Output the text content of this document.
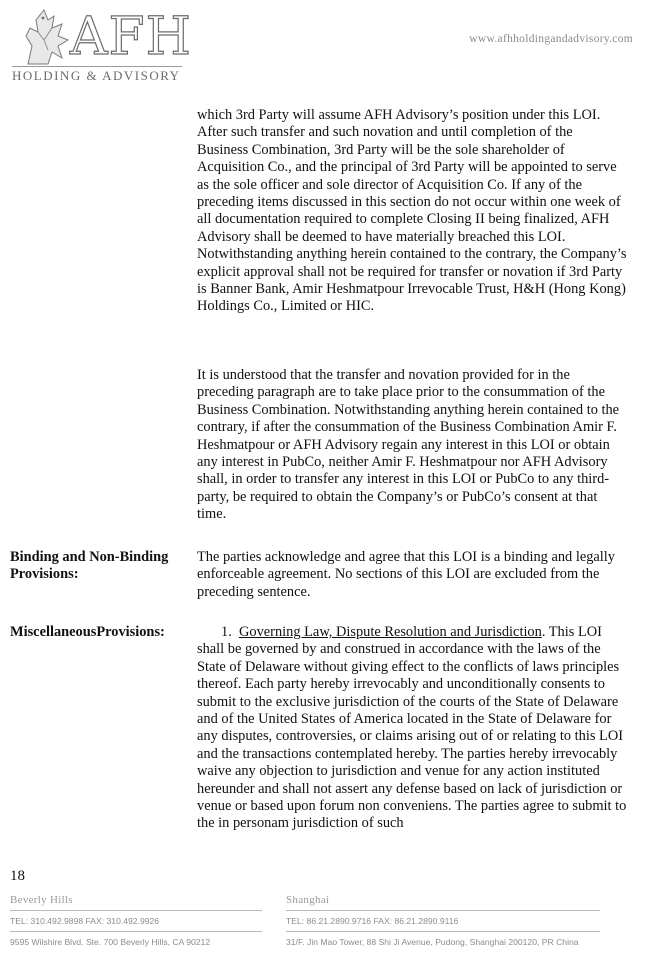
AFH
HOLDING & ADVISORY
www.afhholdingandadvisory.com

which 3rd Party will assume AFH Advisory’s position under this LOI. After such transfer and such novation and until completion of the Business Combination, 3rd Party will be the sole shareholder of Acquisition Co., and the principal of 3rd Party will be appointed to serve as the sole officer and sole director of Acquisition Co. If any of the preceding items discussed in this section do not occur within one week of all documentation required to complete Closing II being finalized, AFH Advisory shall be deemed to have materially breached this LOI. Notwithstanding anything herein contained to the contrary, the Company’s explicit approval shall not be required for transfer or novation if 3rd Party is Banner Bank, Amir Heshmatpour Irrevocable Trust, H&H (Hong Kong) Holdings Co., Limited or HIC.

It is understood that the transfer and novation provided for in the preceding paragraph are to take place prior to the consummation of the Business Combination. Notwithstanding anything herein contained to the contrary, if after the consummation of the Business Combination Amir F. Heshmatpour or AFH Advisory regain any interest in this LOI or obtain any interest in PubCo, neither Amir F. Heshmatpour nor AFH Advisory shall, in order to transfer any interest in this LOI or PubCo to any third-party, be required to obtain the Company’s or PubCo’s consent at that time.

Binding and Non-Binding Provisions:

The parties acknowledge and agree that this LOI is a binding and legally enforceable agreement. No sections of this LOI are excluded from the preceding sentence.

MiscellaneousProvisions:	1. Governing Law, Dispute Resolution and Jurisdiction. This LOI shall be governed by and construed in accordance with the laws of the State of Delaware without giving effect to the conflicts of laws principles thereof. Each party hereby irrevocably and unconditionally consents to submit to the exclusive jurisdiction of the courts of the State of Delaware and of the United States of America located in the State of Delaware for any disputes, controversies, or claims arising out of or relating to this LOI and the transactions contemplated hereby. The parties hereby irrevocably waive any objection to jurisdiction and venue for any action instituted hereunder and shall not assert any defense based on lack of jurisdiction or venue or based upon forum non conveniens. The parties agree to submit to the in personam jurisdiction of such

18
Beverly Hills
TEL: 310.492.9898 FAX: 310.492.9926
9595 Wilshire Blvd. Ste. 700 Beverly Hills, CA 90212
Shanghai
TEL: 86.21.2890.9716 FAX: 86.21.2890.9116
31/F. Jin Mao Tower, 88 Shi Ji Avenue, Pudong, Shanghai 200120, PR China
